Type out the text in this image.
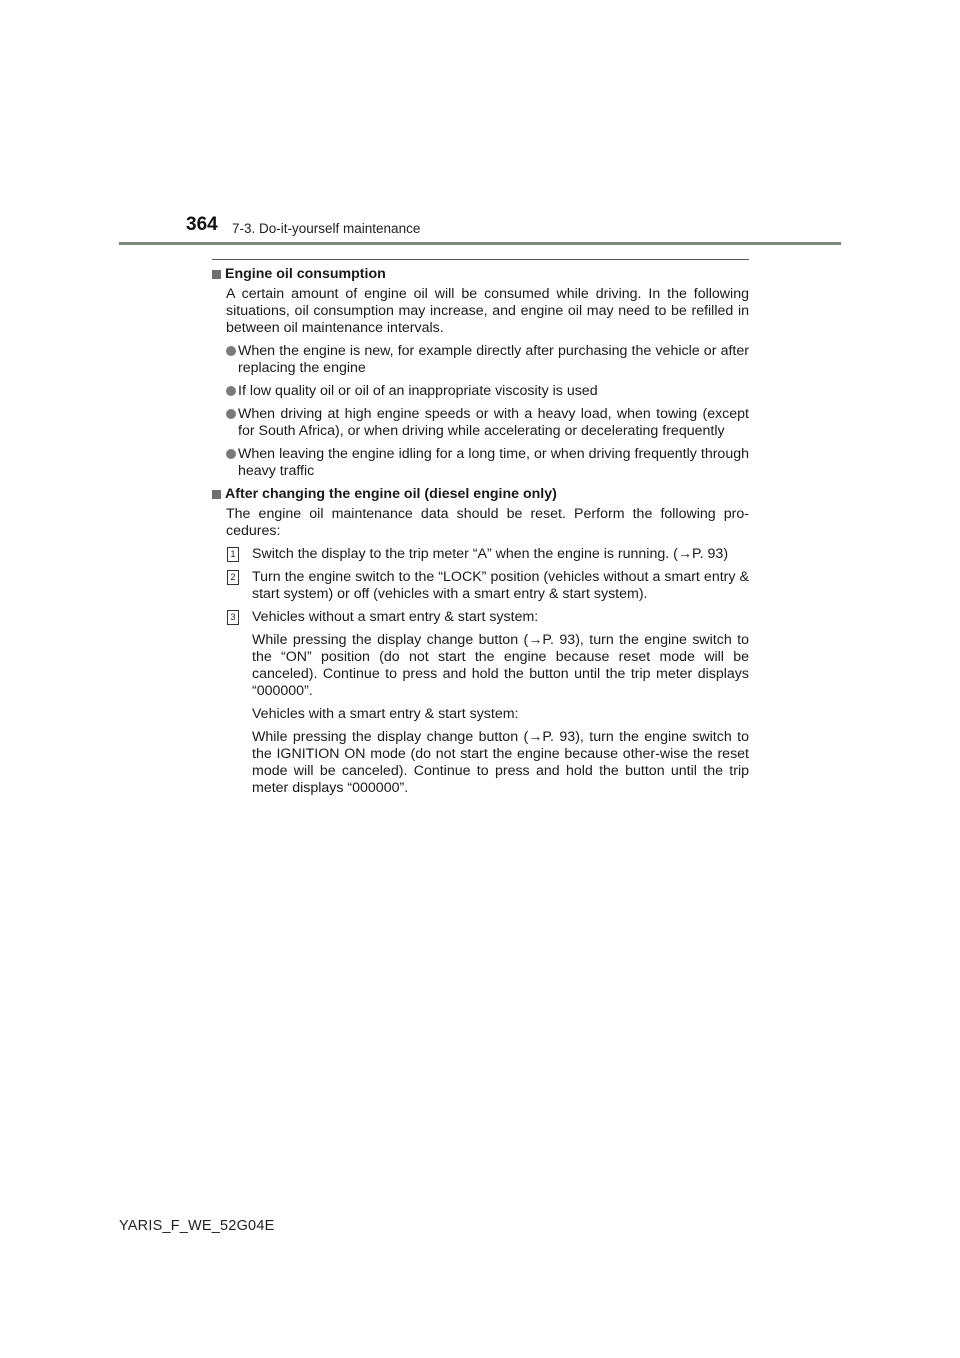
364 7-3. Do-it-yourself maintenance
Engine oil consumption

A certain amount of engine oil will be consumed while driving. In the following situations, oil consumption may increase, and engine oil may need to be refilled in between oil maintenance intervals.

When the engine is new, for example directly after purchasing the vehicle or after replacing the engine
If low quality oil or oil of an inappropriate viscosity is used
When driving at high engine speeds or with a heavy load, when towing (except for South Africa), or when driving while accelerating or decelerating frequently
When leaving the engine idling for a long time, or when driving frequently through heavy traffic
After changing the engine oil (diesel engine only)

The engine oil maintenance data should be reset. Perform the following pro-cedures:

1 Switch the display to the trip meter “A” when the engine is running. (→P. 93)
2 Turn the engine switch to the “LOCK” position (vehicles without a smart entry & start system) or off (vehicles with a smart entry & start system).
3 Vehicles without a smart entry & start system:

While pressing the display change button (→P. 93), turn the engine switch to the “ON” position (do not start the engine because reset mode will be canceled). Continue to press and hold the button until the trip meter displays “000000”.

Vehicles with a smart entry & start system:

While pressing the display change button (→P. 93), turn the engine switch to the IGNITION ON mode (do not start the engine because other-wise the reset mode will be canceled). Continue to press and hold the button until the trip meter displays “000000”.

YARIS_F_WE_52G04E
